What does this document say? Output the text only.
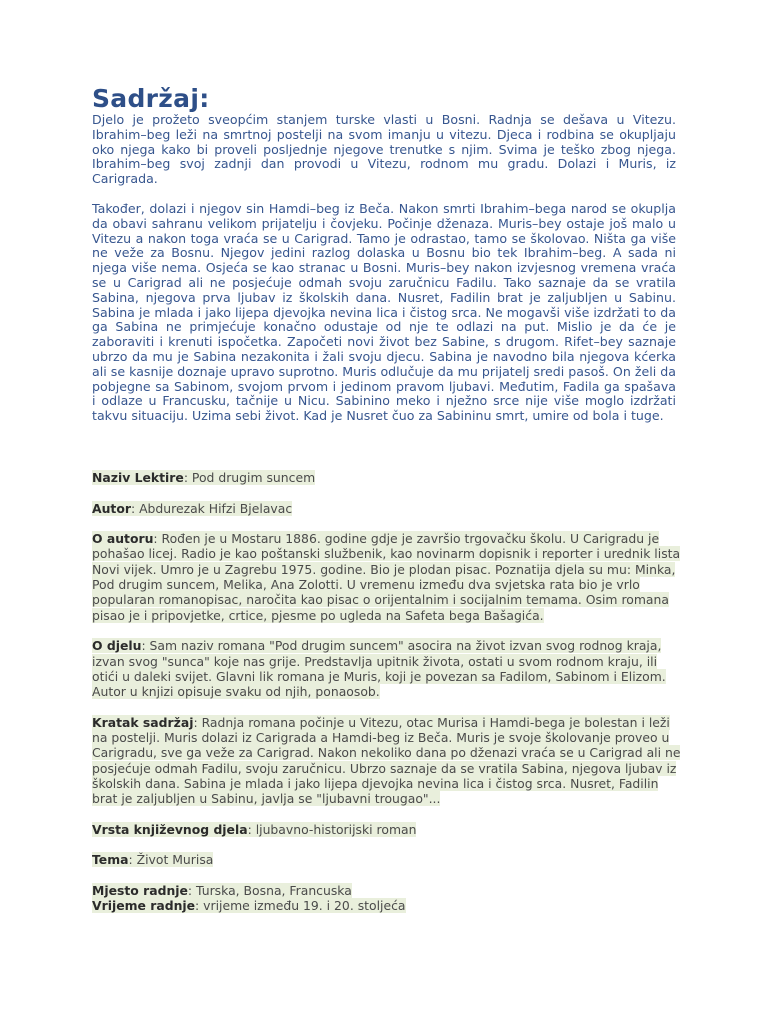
Sadržaj:

Djelo je prožeto sveopćim stanjem turske vlasti u Bosni. Radnja se dešava u Vitezu. Ibrahim–beg leži na smrtnoj postelji na svom imanju u vitezu. Djeca i rodbina se okupljaju oko njega kako bi proveli posljednje njegove trenutke s njim. Svima je teško zbog njega. Ibrahim–beg svoj zadnji dan provodi u Vitezu, rodnom mu gradu. Dolazi i Muris, iz Carigrada.

Također, dolazi i njegov sin Hamdi–beg iz Beča. Nakon smrti Ibrahim–bega narod se okuplja da obavi sahranu velikom prijatelju i čovjeku. Počinje dženaza. Muris–bey ostaje još malo u Vitezu a nakon toga vraća se u Carigrad. Tamo je odrastao, tamo se školovao. Ništa ga više ne veže za Bosnu. Njegov jedini razlog dolaska u Bosnu bio tek Ibrahim–beg. A sada ni njega više nema. Osjeća se kao stranac u Bosni. Muris–bey nakon izvjesnog vremena vraća se u Carigrad ali ne posjećuje odmah svoju zaručnicu Fadilu. Tako saznaje da se vratila Sabina, njegova prva ljubav iz školskih dana. Nusret, Fadilin brat je zaljubljen u Sabinu. Sabina je mlada i jako lijepa djevojka nevina lica i čistog srca. Ne mogavši više izdržati to da ga Sabina ne primjećuje konačno odustaje od nje te odlazi na put. Mislio je da će je zaboraviti i krenuti ispočetka. Započeti novi život bez Sabine, s drugom. Rifet–bey saznaje ubrzo da mu je Sabina nezakonita i žali svoju djecu. Sabina je navodno bila njegova kćerka ali se kasnije doznaje upravo suprotno. Muris odlučuje da mu prijatelj sredi pasoš. On želi da pobjegne sa Sabinom, svojom prvom i jedinom pravom ljubavi. Međutim, Fadila ga spašava i odlaze u Francusku, tačnije u Nicu. Sabinino meko i nježno srce nije više moglo izdržati takvu situaciju. Uzima sebi život. Kad je Nusret čuo za Sabininu smrt, umire od bola i tuge.

Naziv Lektire: Pod drugim suncem

Autor: Abdurezak Hifzi Bjelavac

O autoru: Rođen je u Mostaru 1886. godine gdje je završio trgovačku školu. U Carigradu je pohašao licej. Radio je kao poštanski službenik, kao novinarm dopisnik i reporter i urednik lista Novi vijek. Umro je u Zagrebu 1975. godine. Bio je plodan pisac. Poznatija djela su mu: Minka, Pod drugim suncem, Melika, Ana Zolotti. U vremenu između dva svjetska rata bio je vrlo popularan romanopisac, naročita kao pisac o orijentalnim i socijalnim temama. Osim romana pisao je i pripovjetke, crtice, pjesme po ugleda na Safeta bega Bašagića.

O djelu: Sam naziv romana "Pod drugim suncem" asocira na život izvan svog rodnog kraja, izvan svog "sunca" koje nas grije. Predstavlja upitnik života, ostati u svom rodnom kraju, ili otići u daleki svijet. Glavni lik romana je Muris, koji je povezan sa Fadilom, Sabinom i Elizom. Autor u knjizi opisuje svaku od njih, ponaosob.

Kratak sadržaj: Radnja romana počinje u Vitezu, otac Murisa i Hamdi-bega je bolestan i leži na postelji. Muris dolazi iz Carigrada a Hamdi-beg iz Beča. Muris je svoje školovanje proveo u Carigradu, sve ga veže za Carigrad. Nakon nekoliko dana po dženazi vraća se u Carigrad ali ne posjećuje odmah Fadilu, svoju zaručnicu. Ubrzo saznaje da se vratila Sabina, njegova ljubav iz školskih dana. Sabina je mlada i jako lijepa djevojka nevina lica i čistog srca. Nusret, Fadilin brat je zaljubljen u Sabinu, javlja se "ljubavni trougao"...

Vrsta književnog djela: ljubavno-historijski roman

Tema: Život Murisa

Mjesto radnje: Turska, Bosna, Francuska

Vrijeme radnje: vrijeme između 19. i 20. stoljeća
